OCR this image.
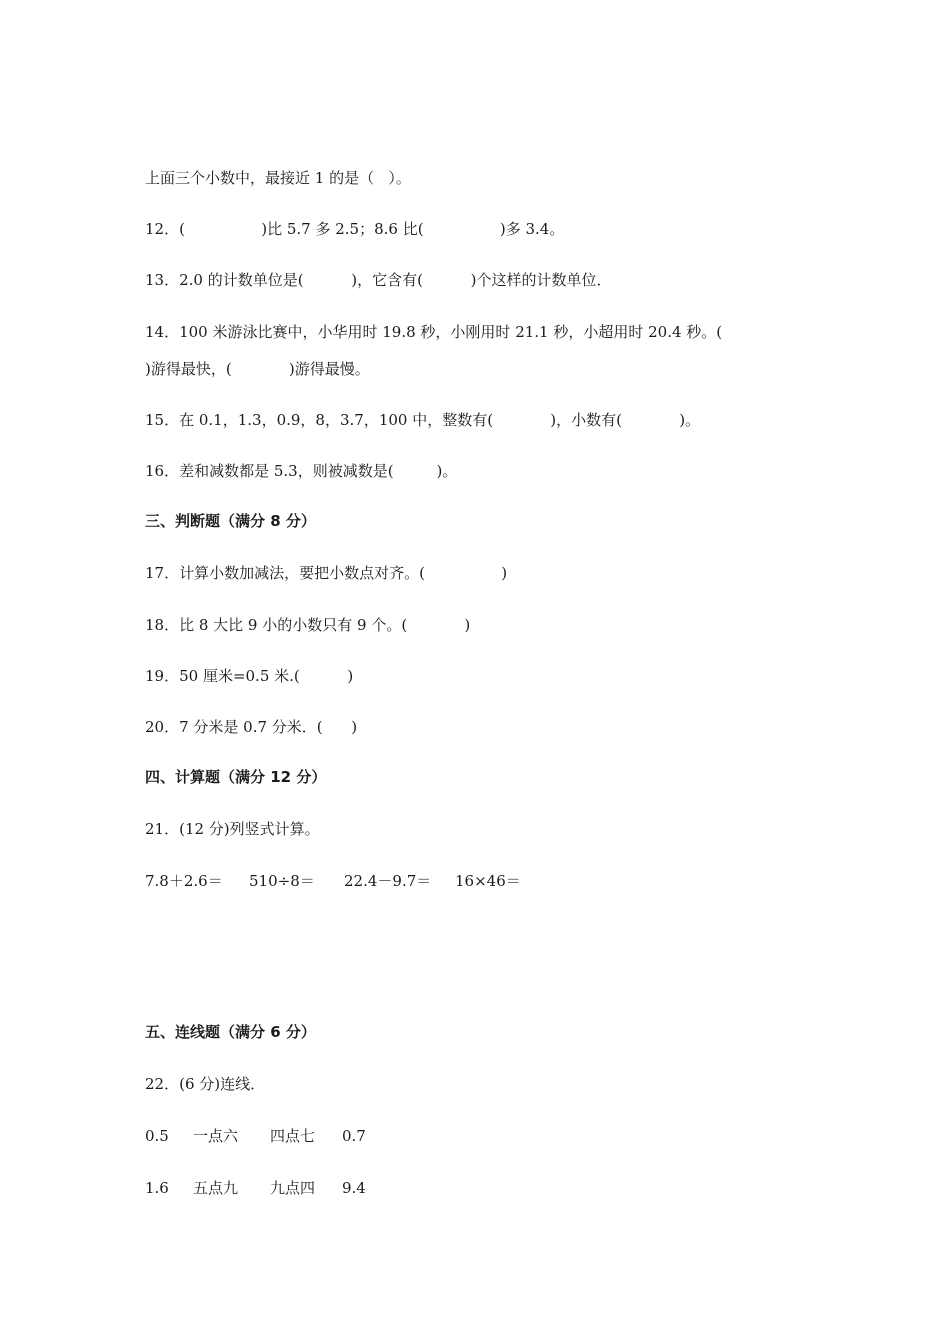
上面三个小数中，最接近 1 的是（   ）。
12．(                )比 5.7 多 2.5；8.6 比(                )多 3.4。
13．2.0 的计数单位是(          )，它含有(          )个这样的计数单位．
14．100 米游泳比赛中，小华用时 19.8 秒，小刚用时 21.1 秒，小超用时 20.4 秒。(
)游得最快，(            )游得最慢。
15．在 0.1，1.3，0.9，8，3.7，100 中，整数有(            )，小数有(            )。
16．差和减数都是 5.3，则被减数是(         )。
三、判断题（满分 8 分）
17．计算小数加减法，要把小数点对齐。(                )
18．比 8 大比 9 小的小数只有 9 个。(            )
19．50 厘米=0.5 米.(          )
20．7 分米是 0.7 分米．(      )
四、计算题（满分 12 分）
21．(12 分)列竖式计算。
7.8＋2.6＝ 510÷8＝ 22.4－9.7＝ 16×46＝
五、连线题（满分 6 分）
22．(6 分)连线．
0.5 一点六 四点七 0.7
1.6 五点九 九点四 9.4
